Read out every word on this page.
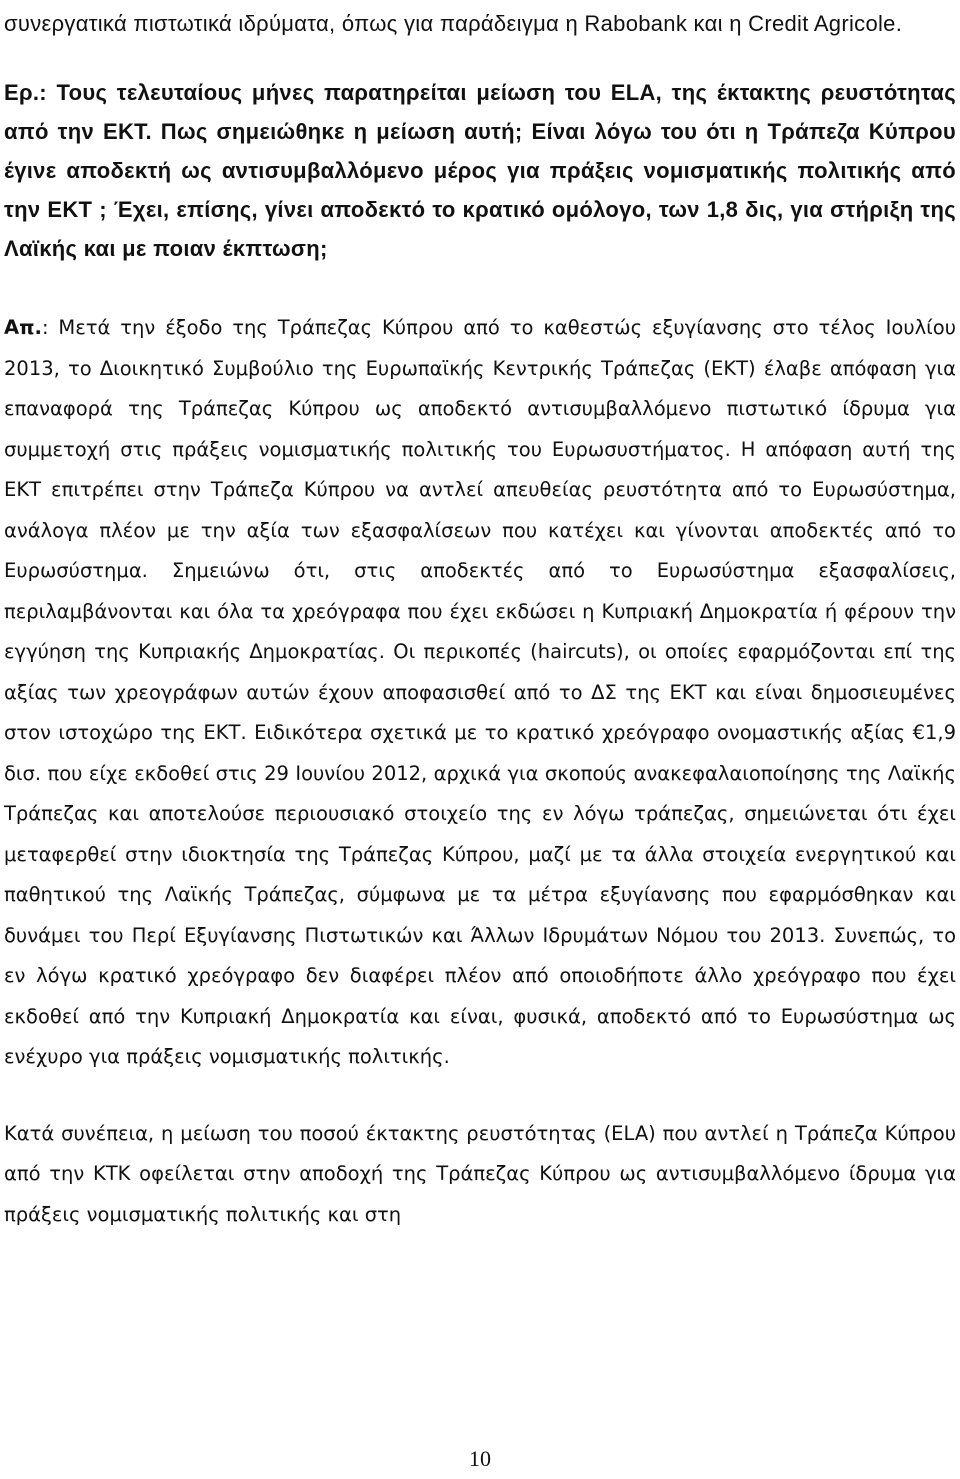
συνεργατικά πιστωτικά ιδρύματα, όπως για παράδειγμα η Rabobank και η Credit Agricole.

Ερ.: Τους τελευταίους μήνες παρατηρείται μείωση του ELA, της έκτακτης ρευστότητας από την ΕΚΤ. Πως σημειώθηκε η μείωση αυτή; Είναι λόγω του ότι η Τράπεζα Κύπρου έγινε αποδεκτή ως αντισυμβαλλόμενο μέρος για πράξεις νομισματικής πολιτικής από την ΕΚΤ ; Έχει, επίσης, γίνει αποδεκτό το κρατικό ομόλογο, των 1,8 δις, για στήριξη της Λαϊκής και με ποιαν έκπτωση;

Απ.: Μετά την έξοδο της Τράπεζας Κύπρου από το καθεστώς εξυγίανσης στο τέλος Ιουλίου 2013, το Διοικητικό Συμβούλιο της Ευρωπαϊκής Κεντρικής Τράπεζας (ΕΚΤ) έλαβε απόφαση για επαναφορά της Τράπεζας Κύπρου ως αποδεκτό αντισυμβαλλόμενο πιστωτικό ίδρυμα για συμμετοχή στις πράξεις νομισματικής πολιτικής του Ευρωσυστήματος. Η απόφαση αυτή της ΕΚΤ επιτρέπει στην Τράπεζα Κύπρου να αντλεί απευθείας ρευστότητα από το Ευρωσύστημα, ανάλογα πλέον με την αξία των εξασφαλίσεων που κατέχει και γίνονται αποδεκτές από το Ευρωσύστημα. Σημειώνω ότι, στις αποδεκτές από το Ευρωσύστημα εξασφαλίσεις, περιλαμβάνονται και όλα τα χρεόγραφα που έχει εκδώσει η Κυπριακή Δημοκρατία ή φέρουν την εγγύηση της Κυπριακής Δημοκρατίας. Οι περικοπές (haircuts), οι οποίες εφαρμόζονται επί της αξίας των χρεογράφων αυτών έχουν αποφασισθεί από το ΔΣ της ΕΚΤ και είναι δημοσιευμένες στον ιστοχώρο της ΕΚΤ. Ειδικότερα σχετικά με το κρατικό χρεόγραφο ονομαστικής αξίας €1,9 δισ. που είχε εκδοθεί στις 29 Ιουνίου 2012, αρχικά για σκοπούς ανακεφαλαιοποίησης της Λαϊκής Τράπεζας και αποτελούσε περιουσιακό στοιχείο της εν λόγω τράπεζας, σημειώνεται ότι έχει μεταφερθεί στην ιδιοκτησία της Τράπεζας Κύπρου, μαζί με τα άλλα στοιχεία ενεργητικού και παθητικού της Λαϊκής Τράπεζας, σύμφωνα με τα μέτρα εξυγίανσης που εφαρμόσθηκαν και δυνάμει του Περί Εξυγίανσης Πιστωτικών και Άλλων Ιδρυμάτων Νόμου του 2013. Συνεπώς, το εν λόγω κρατικό χρεόγραφο δεν διαφέρει πλέον από οποιοδήποτε άλλο χρεόγραφο που έχει εκδοθεί από την Κυπριακή Δημοκρατία και είναι, φυσικά, αποδεκτό από το Ευρωσύστημα ως ενέχυρο για πράξεις νομισματικής πολιτικής.

Κατά συνέπεια, η μείωση του ποσού έκτακτης ρευστότητας (ELA) που αντλεί η Τράπεζα Κύπρου από την ΚΤΚ οφείλεται στην αποδοχή της Τράπεζας Κύπρου ως αντισυμβαλλόμενο ίδρυμα για πράξεις νομισματικής πολιτικής και στη

10
